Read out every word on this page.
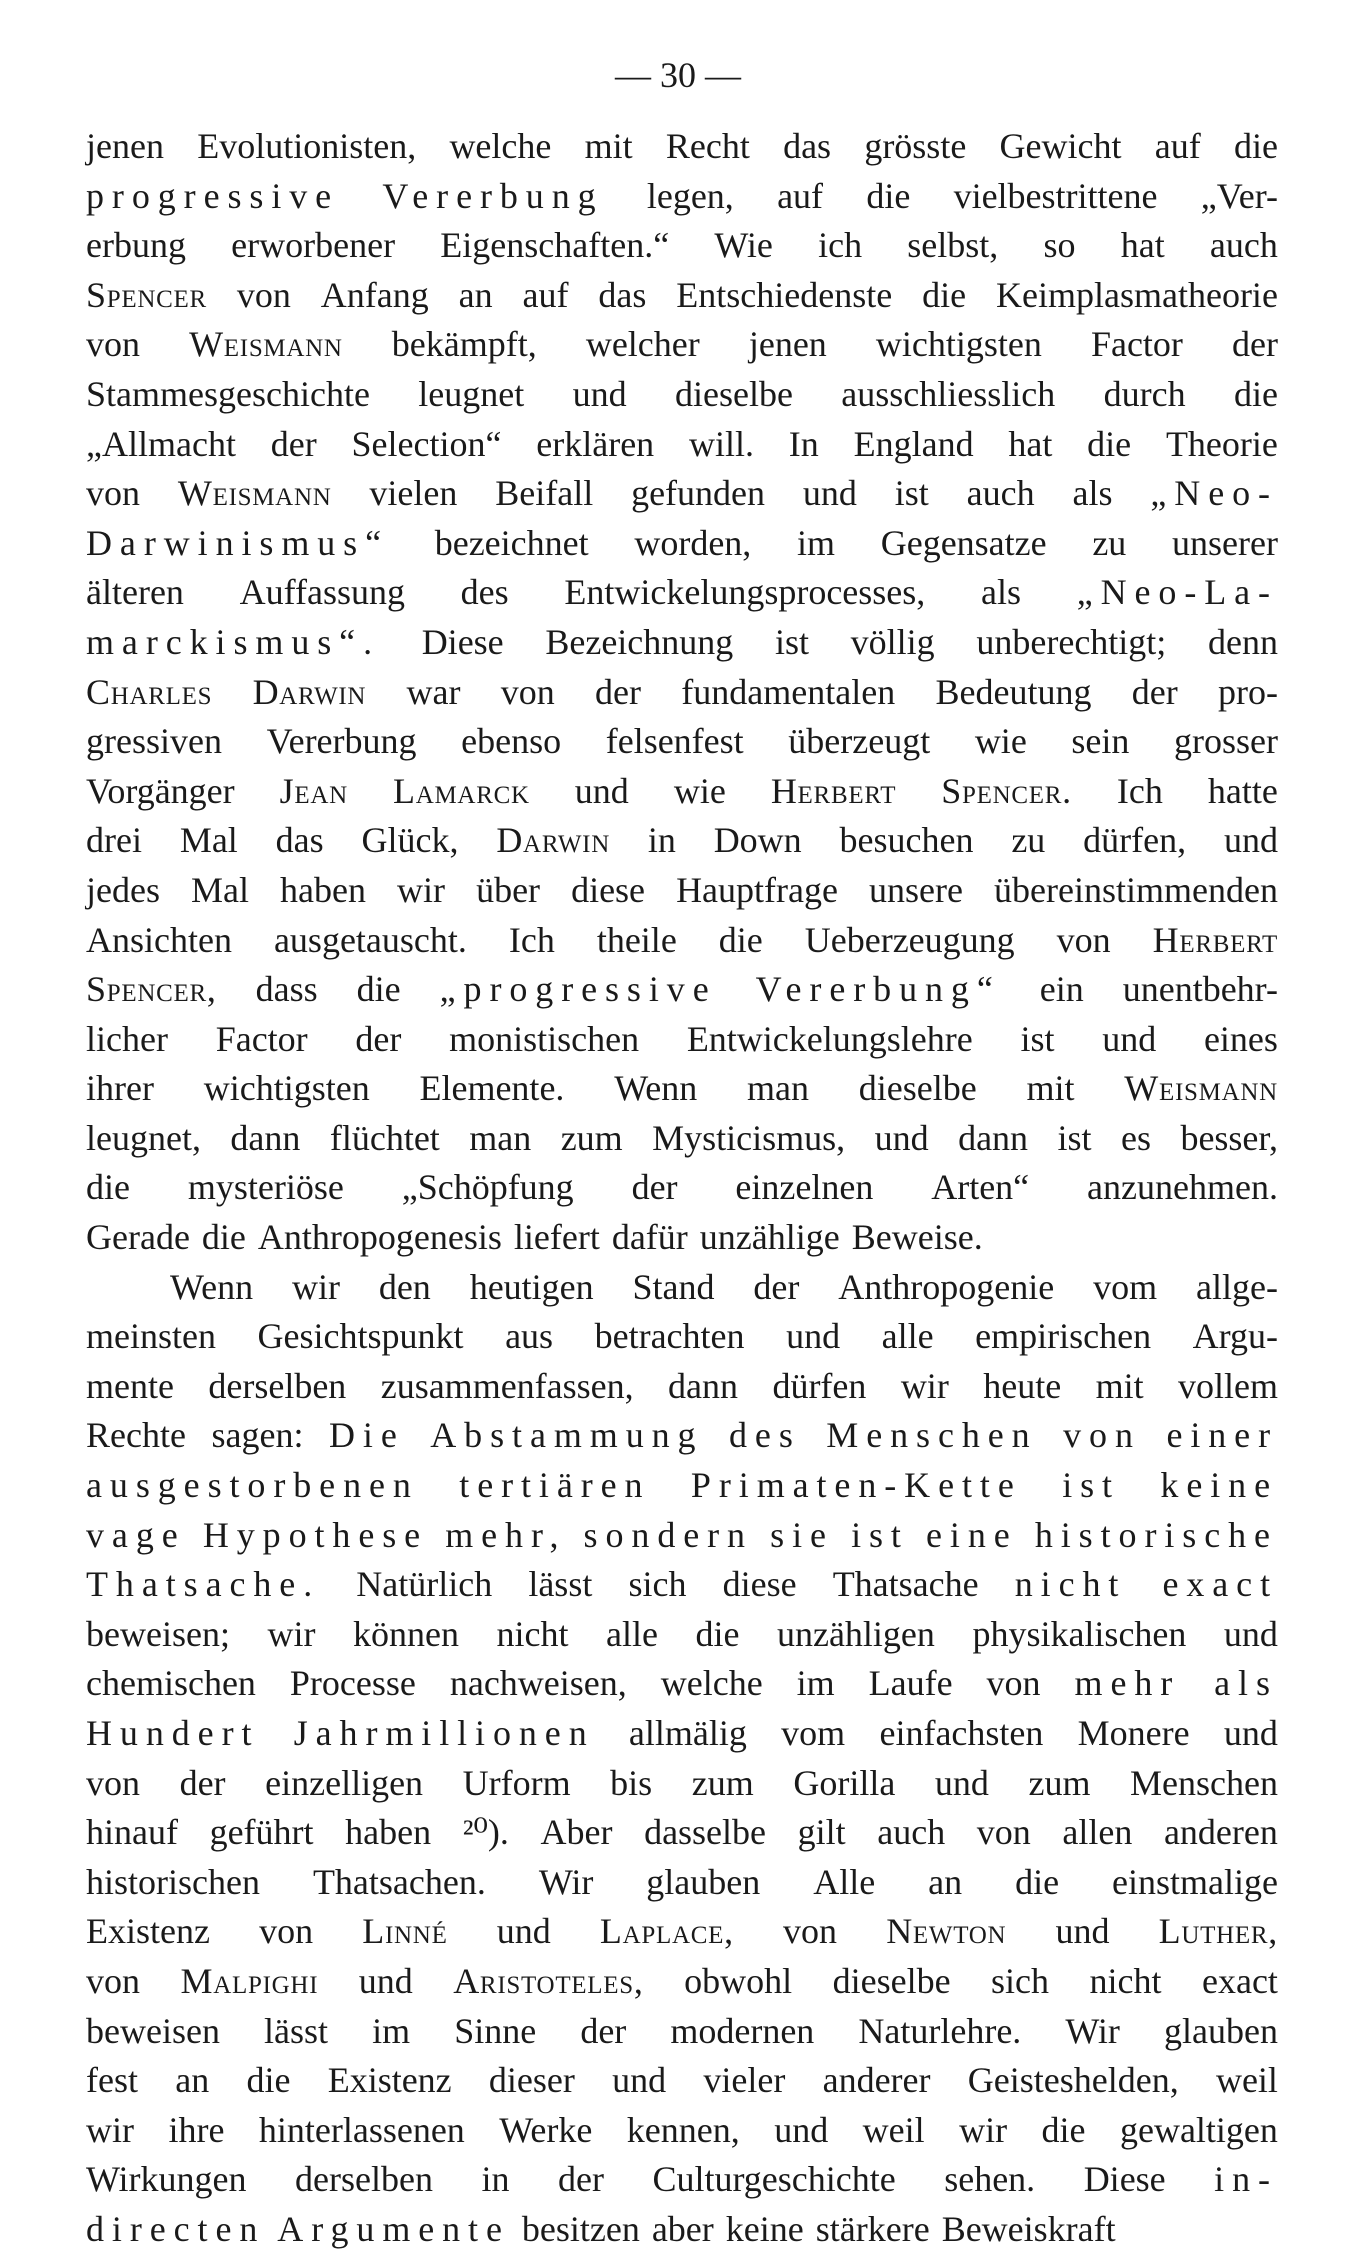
— 30 —
jenen Evolutionisten, welche mit Recht das grösste Gewicht auf die
progressive Vererbung legen, auf die vielbestrittene „Ver-
erbung erworbener Eigenschaften.“ Wie ich selbst, so hat auch
Spencer von Anfang an auf das Entschiedenste die Keimplasmatheorie
von Weismann bekämpft, welcher jenen wichtigsten Factor der
Stammesgeschichte leugnet und dieselbe ausschliesslich durch die
„Allmacht der Selection“ erklären will. In England hat die Theorie
von Weismann vielen Beifall gefunden und ist auch als „Neo-
Darwinismus“ bezeichnet worden, im Gegensatze zu unserer
älteren Auffassung des Entwickelungsprocesses, als „Neo-La-
marckismus“. Diese Bezeichnung ist völlig unberechtigt; denn
Charles Darwin war von der fundamentalen Bedeutung der pro-
gressiven Vererbung ebenso felsenfest überzeugt wie sein grosser
Vorgänger Jean Lamarck und wie Herbert Spencer. Ich hatte
drei Mal das Glück, Darwin in Down besuchen zu dürfen, und
jedes Mal haben wir über diese Hauptfrage unsere übereinstimmenden
Ansichten ausgetauscht. Ich theile die Ueberzeugung von Herbert
Spencer, dass die „progressive Vererbung“ ein unentbehr-
licher Factor der monistischen Entwickelungslehre ist und eines
ihrer wichtigsten Elemente. Wenn man dieselbe mit Weismann
leugnet, dann flüchtet man zum Mysticismus, und dann ist es besser,
die mysteriöse „Schöpfung der einzelnen Arten“ anzunehmen.
Gerade die Anthropogenesis liefert dafür unzählige Beweise.
Wenn wir den heutigen Stand der Anthropogenie vom allge-
meinsten Gesichtspunkt aus betrachten und alle empirischen Argu-
mente derselben zusammenfassen, dann dürfen wir heute mit vollem
Rechte sagen: Die Abstammung des Menschen von einer
ausgestorbenen tertiären Primaten-Kette ist keine
vage Hypothese mehr, sondern sie ist eine historische
Thatsache. Natürlich lässt sich diese Thatsache nicht exact
beweisen; wir können nicht alle die unzähligen physikalischen und
chemischen Processe nachweisen, welche im Laufe von mehr als
Hundert Jahrmillionen allmälig vom einfachsten Monere und
von der einzelligen Urform bis zum Gorilla und zum Menschen
hinauf geführt haben ²⁰). Aber dasselbe gilt auch von allen anderen
historischen Thatsachen. Wir glauben Alle an die einstmalige
Existenz von Linné und Laplace, von Newton und Luther,
von Malpighi und Aristoteles, obwohl dieselbe sich nicht exact
beweisen lässt im Sinne der modernen Naturlehre. Wir glauben
fest an die Existenz dieser und vieler anderer Geisteshelden, weil
wir ihre hinterlassenen Werke kennen, und weil wir die gewaltigen
Wirkungen derselben in der Culturgeschichte sehen. Diese in-
directen Argumente besitzen aber keine stärkere Beweiskraft
